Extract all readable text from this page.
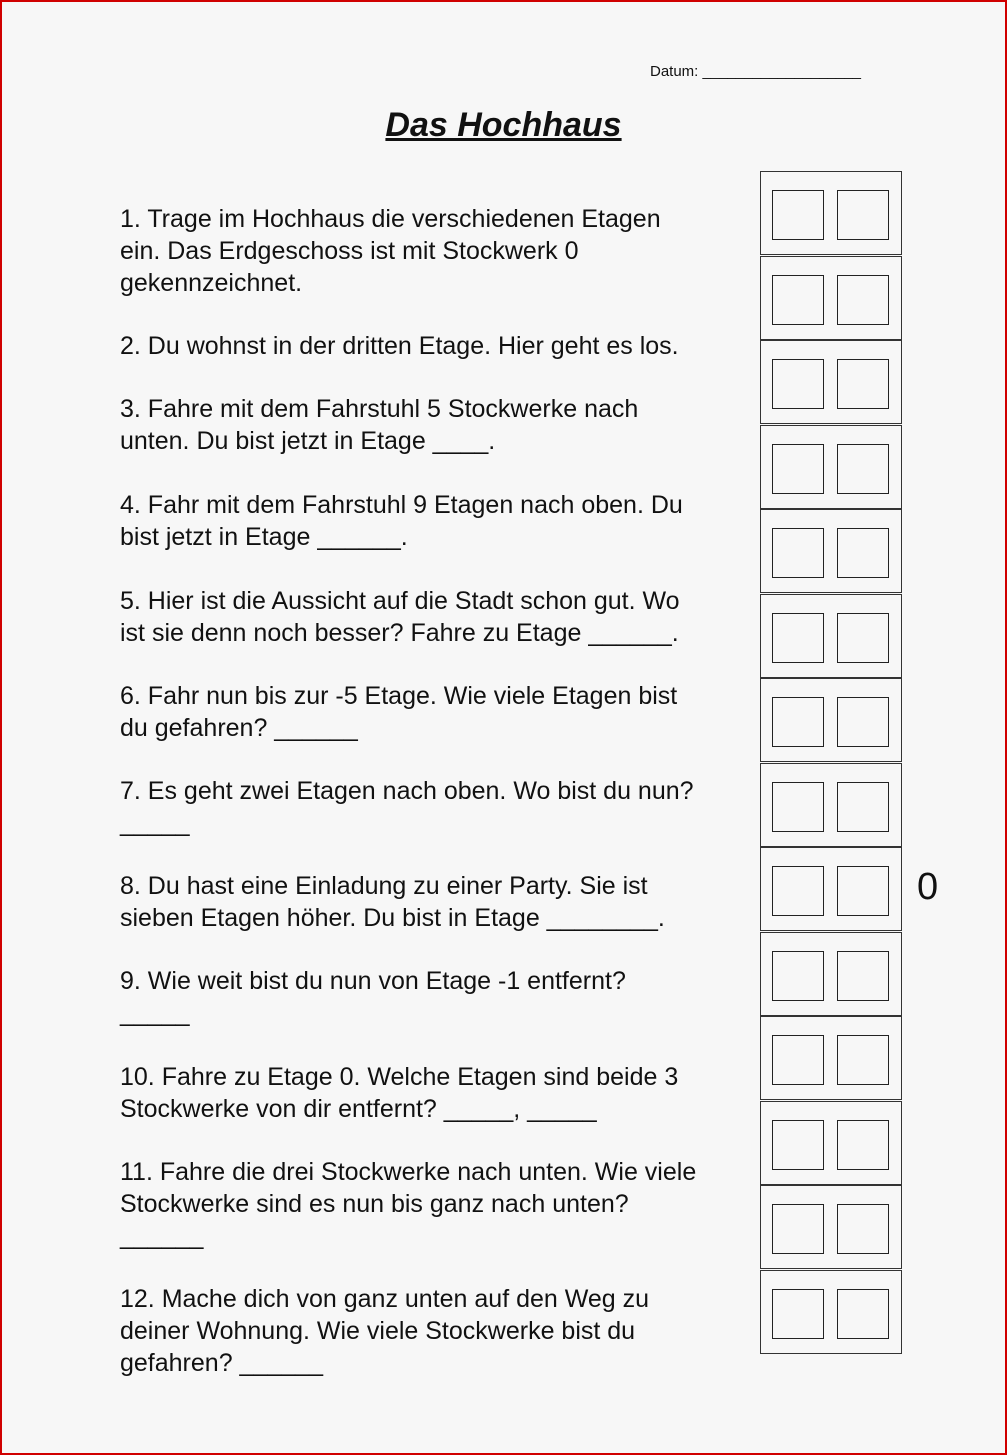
Datum: ___________________
Das Hochhaus
1. Trage im Hochhaus die verschiedenen Etagen
ein. Das Erdgeschoss ist mit Stockwerk 0
gekennzeichnet.
2. Du wohnst in der dritten Etage. Hier geht es los.
3. Fahre mit dem Fahrstuhl 5 Stockwerke nach
unten. Du bist jetzt in Etage ____.
4. Fahr mit dem Fahrstuhl 9 Etagen nach oben. Du
bist jetzt in Etage ______.
5. Hier ist die Aussicht auf die Stadt schon gut. Wo
ist sie denn noch besser? Fahre zu Etage ______.
6. Fahr nun bis zur -5 Etage. Wie viele Etagen bist
du gefahren? ______
7. Es geht zwei Etagen nach oben. Wo bist du nun?
_____
8. Du hast eine Einladung zu einer Party. Sie ist
sieben Etagen höher. Du bist in Etage ________.
9. Wie weit bist du nun von Etage -1 entfernt?
_____
10. Fahre zu Etage 0. Welche Etagen sind beide 3
Stockwerke von dir entfernt? _____, _____
11. Fahre die drei Stockwerke nach unten. Wie viele
Stockwerke sind es nun bis ganz nach unten?
______
12. Mache dich von ganz unten auf den Weg zu
deiner Wohnung. Wie viele Stockwerke bist du
gefahren? ______
0
